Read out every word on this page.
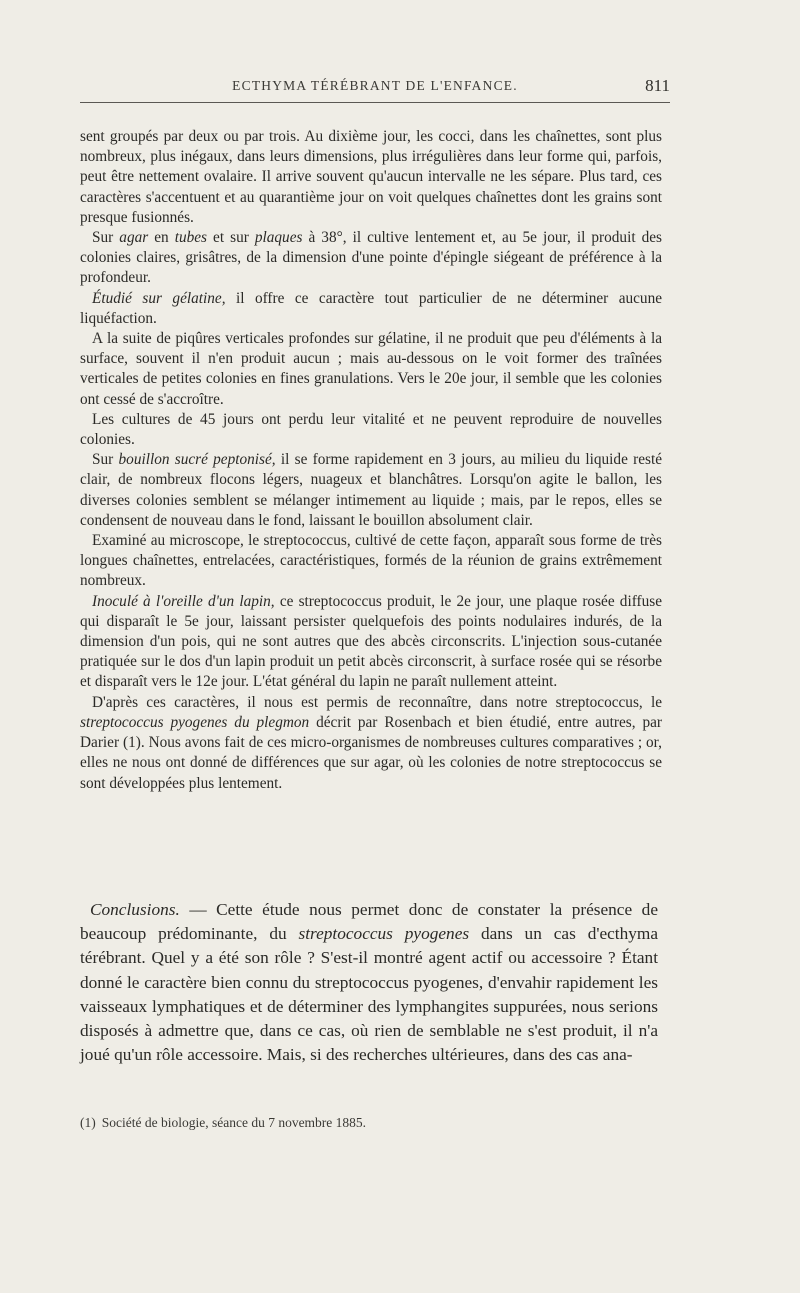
ECTHYMA TÉRÉBRANT DE L'ENFANCE.	811

sent groupés par deux ou par trois. Au dixième jour, les cocci, dans les chaînettes, sont plus nombreux, plus inégaux, dans leurs dimensions, plus irrégulières dans leur forme qui, parfois, peut être nettement ovalaire. Il arrive souvent qu'aucun intervalle ne les sépare. Plus tard, ces caractères s'accentuent et au quarantième jour on voit quelques chaînettes dont les grains sont presque fusionnés.

Sur agar en tubes et sur plaques à 38°, il cultive lentement et, au 5e jour, il produit des colonies claires, grisâtres, de la dimension d'une pointe d'épingle siégeant de préférence à la profondeur.

Étudié sur gélatine, il offre ce caractère tout particulier de ne déterminer aucune liquéfaction.

A la suite de piqûres verticales profondes sur gélatine, il ne produit que peu d'éléments à la surface, souvent il n'en produit aucun ; mais au-dessous on le voit former des traînées verticales de petites colonies en fines granulations. Vers le 20e jour, il semble que les colonies ont cessé de s'accroître.

Les cultures de 45 jours ont perdu leur vitalité et ne peuvent reproduire de nouvelles colonies.

Sur bouillon sucré peptonisé, il se forme rapidement en 3 jours, au milieu du liquide resté clair, de nombreux flocons légers, nuageux et blanchâtres. Lorsqu'on agite le ballon, les diverses colonies semblent se mélanger intimement au liquide ; mais, par le repos, elles se condensent de nouveau dans le fond, laissant le bouillon absolument clair.

Examiné au microscope, le streptococcus, cultivé de cette façon, apparaît sous forme de très longues chaînettes, entrelacées, caractéristiques, formés de la réunion de grains extrêmement nombreux.

Inoculé à l'oreille d'un lapin, ce streptococcus produit, le 2e jour, une plaque rosée diffuse qui disparaît le 5e jour, laissant persister quelquefois des points nodulaires indurés, de la dimension d'un pois, qui ne sont autres que des abcès circonscrits. L'injection sous-cutanée pratiquée sur le dos d'un lapin produit un petit abcès circonscrit, à surface rosée qui se résorbe et disparaît vers le 12e jour. L'état général du lapin ne paraît nullement atteint.

D'après ces caractères, il nous est permis de reconnaître, dans notre streptococcus, le streptococcus pyogenes du plegmon décrit par Rosenbach et bien étudié, entre autres, par Darier (1). Nous avons fait de ces micro-organismes de nombreuses cultures comparatives ; or, elles ne nous ont donné de différences que sur agar, où les colonies de notre streptococcus se sont développées plus lentement.

Conclusions. — Cette étude nous permet donc de constater la présence de beaucoup prédominante, du streptococcus pyogenes dans un cas d'ecthyma térébrant. Quel y a été son rôle ? S'est-il montré agent actif ou accessoire ? Étant donné le caractère bien connu du streptococcus pyogenes, d'envahir rapidement les vaisseaux lymphatiques et de déterminer des lymphangites suppurées, nous serions disposés à admettre que, dans ce cas, où rien de semblable ne s'est produit, il n'a joué qu'un rôle accessoire. Mais, si des recherches ultérieures, dans des cas ana-

(1) Société de biologie, séance du 7 novembre 1885.
